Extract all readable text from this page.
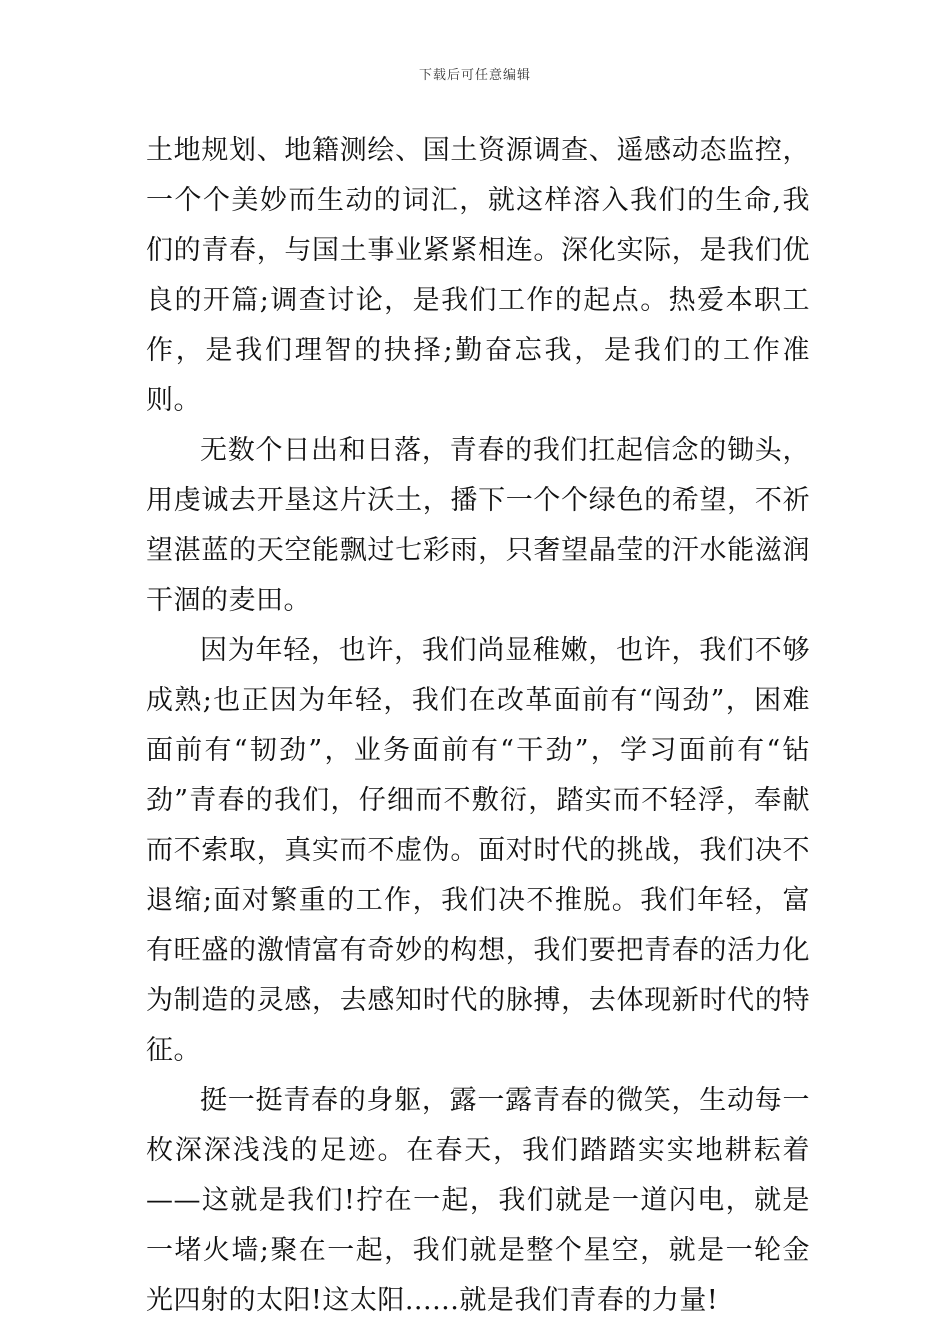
下载后可任意编辑

土地规划、地籍测绘、国土资源调查、遥感动态监控，一个个美妙而生动的词汇，就这样溶入我们的生命,我们的青春，与国土事业紧紧相连。深化实际，是我们优良的开篇;调查讨论，是我们工作的起点。热爱本职工作，是我们理智的抉择;勤奋忘我，是我们的工作准则。

无数个日出和日落，青春的我们扛起信念的锄头，用虔诚去开垦这片沃土，播下一个个绿色的希望，不祈望湛蓝的天空能飘过七彩雨，只奢望晶莹的汗水能滋润干涸的麦田。

因为年轻，也许，我们尚显稚嫩，也许，我们不够成熟;也正因为年轻，我们在改革面前有“闯劲”，困难面前有“韧劲”，业务面前有“干劲”，学习面前有“钻劲”青春的我们，仔细而不敷衍，踏实而不轻浮，奉献而不索取，真实而不虚伪。面对时代的挑战，我们决不退缩;面对繁重的工作，我们决不推脱。我们年轻，富有旺盛的激情富有奇妙的构想，我们要把青春的活力化为制造的灵感，去感知时代的脉搏，去体现新时代的特征。

挺一挺青春的身躯，露一露青春的微笑，生动每一枚深深浅浅的足迹。在春天，我们踏踏实实地耕耘着——这就是我们!拧在一起，我们就是一道闪电，就是一堵火墙;聚在一起，我们就是整个星空，就是一轮金光四射的太阳!这太阳......就是我们青春的力量!
